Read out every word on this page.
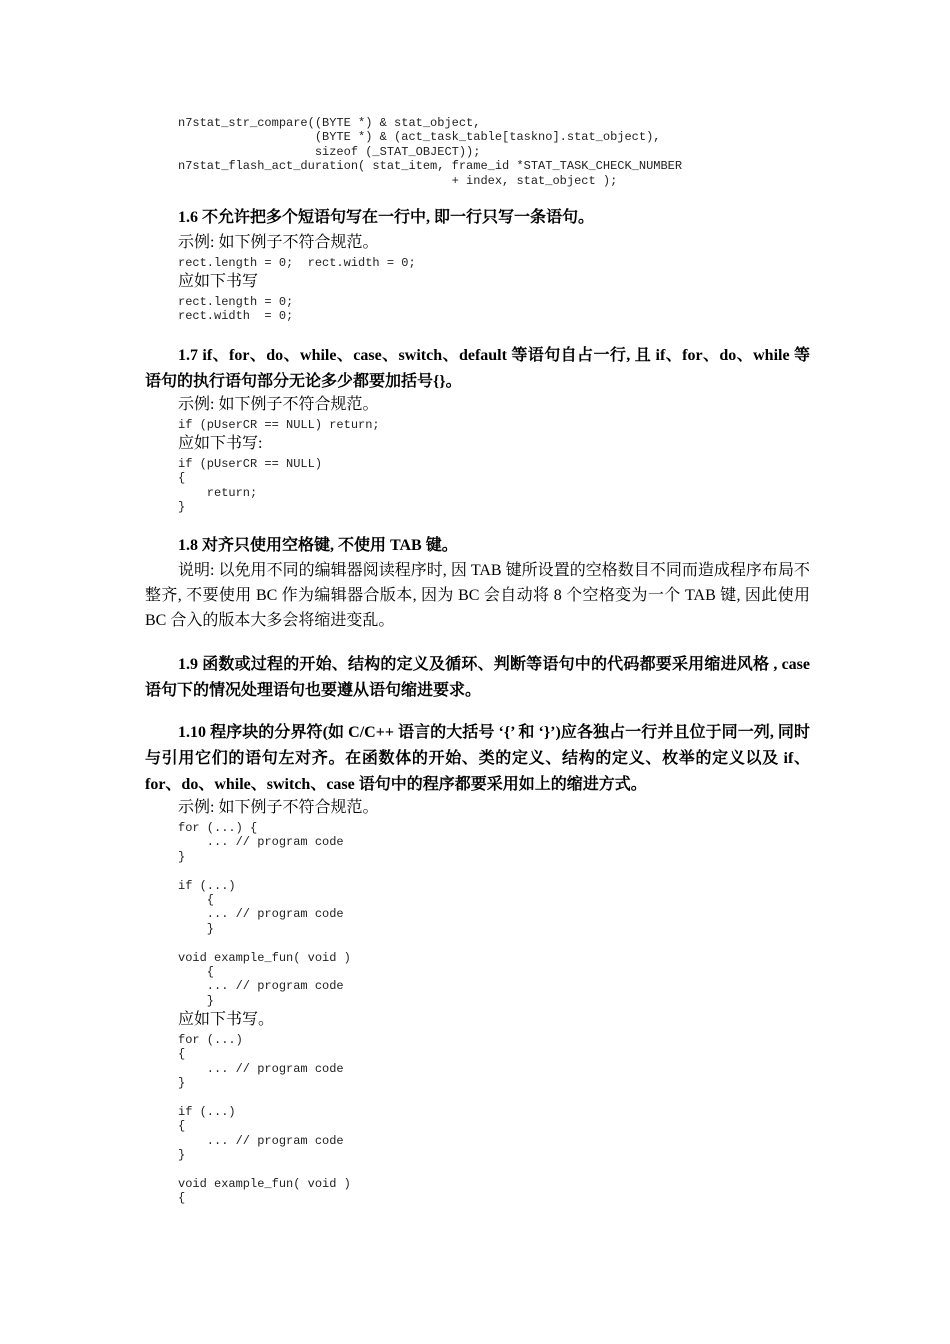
n7stat_str_compare((BYTE *) & stat_object,
(BYTE *) & (act_task_table[taskno].stat_object),
sizeof (_STAT_OBJECT));
n7stat_flash_act_duration( stat_item, frame_id *STAT_TASK_CHECK_NUMBER
+ index, stat_object );

1.6 不允许把多个短语句写在一行中, 即一行只写一条语句。

示例: 如下例子不符合规范。

rect.length = 0;  rect.width = 0;

应如下书写

rect.length = 0;
rect.width  = 0;

1.7 if、for、do、while、case、switch、default 等语句自占一行, 且 if、for、do、while 等语句的执行语句部分无论多少都要加括号{}。

示例: 如下例子不符合规范。

if (pUserCR == NULL) return;

应如下书写:

if (pUserCR == NULL)
{
return;
}

1.8 对齐只使用空格键, 不使用 TAB 键。

说明: 以免用不同的编辑器阅读程序时, 因 TAB 键所设置的空格数目不同而造成程序布局不整齐, 不要使用 BC 作为编辑器合版本, 因为 BC 会自动将 8 个空格变为一个 TAB 键, 因此使用 BC 合入的版本大多会将缩进变乱。

1.9 函数或过程的开始、结构的定义及循环、判断等语句中的代码都要采用缩进风格 , case 语句下的情况处理语句也要遵从语句缩进要求。

1.10 程序块的分界符(如 C/C++ 语言的大括号 ‘{’ 和 ‘}’)应各独占一行并且位于同一列, 同时与引用它们的语句左对齐。在函数体的开始、类的定义、结构的定义、枚举的定义以及 if、for、do、while、switch、case 语句中的程序都要采用如上的缩进方式。

示例: 如下例子不符合规范。

for (...) {
... // program code
}

if (...)
{
... // program code
}

void example_fun( void )
{
... // program code
}

应如下书写。

for (...)
{
... // program code
}

if (...)
{
... // program code
}

void example_fun( void )
{
